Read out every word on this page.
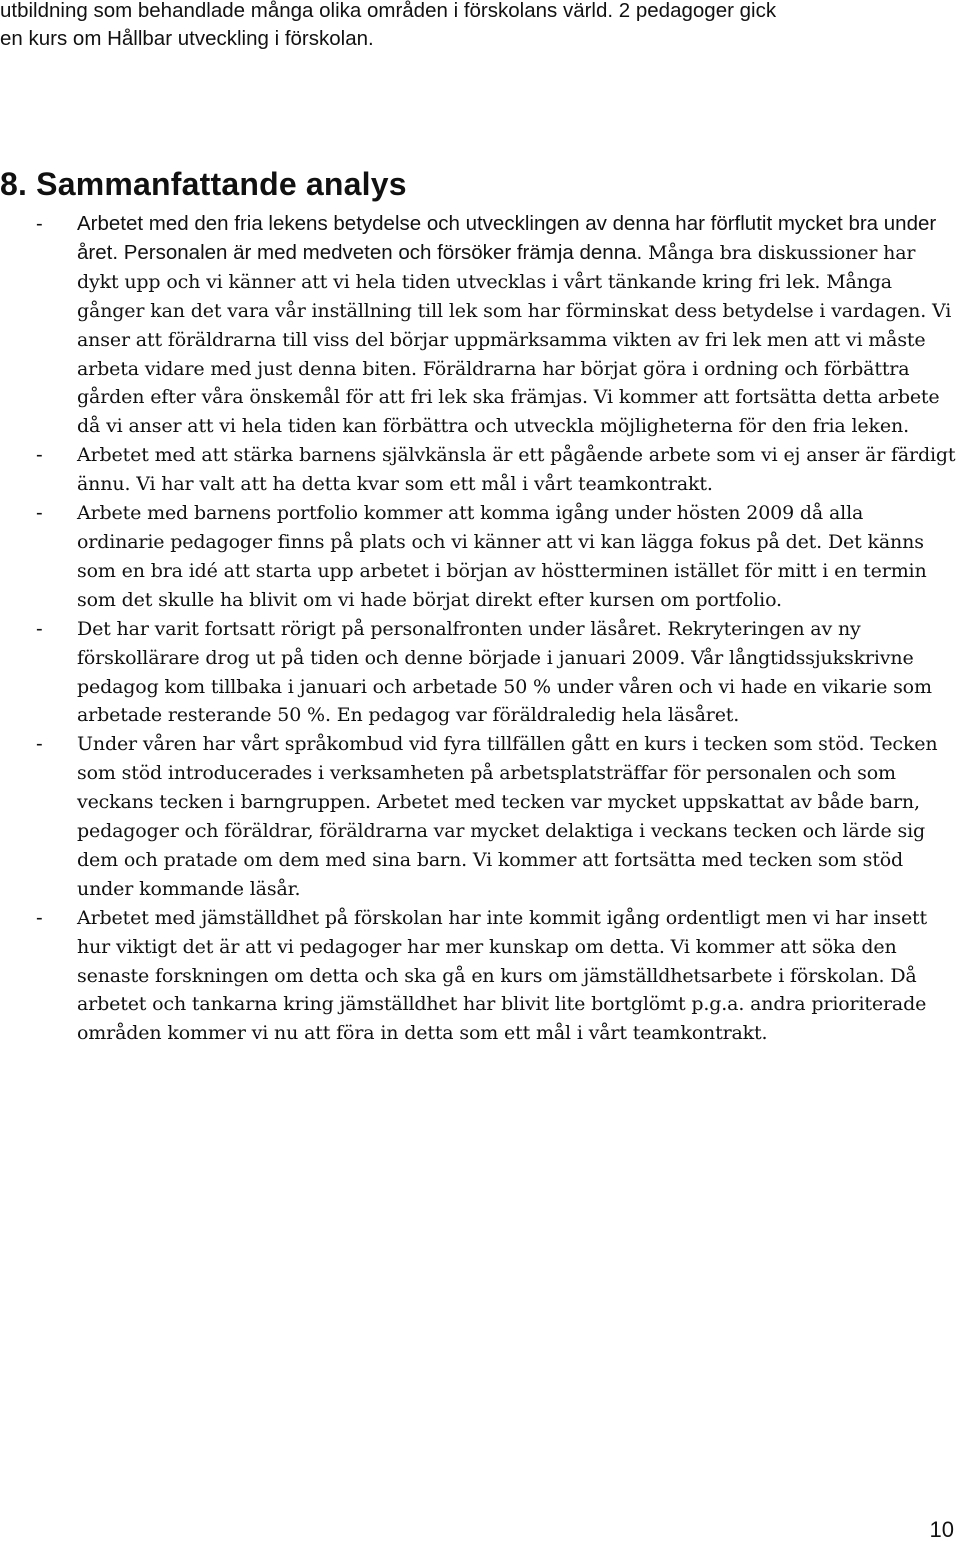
utbildning som behandlade många olika områden i förskolans värld. 2 pedagoger gick
en kurs om Hållbar utveckling i förskolan.

8. Sammanfattande analys
- Arbetet med den fria lekens betydelse och utvecklingen av denna har förflutit mycket bra under året. Personalen är med medveten och försöker främja denna. Många bra diskussioner har dykt upp och vi känner att vi hela tiden utvecklas i vårt tänkande kring fri lek. Många gånger kan det vara vår inställning till lek som har förminskat dess betydelse i vardagen. Vi anser att föräldrarna till viss del börjar uppmärksamma vikten av fri lek men att vi måste arbeta vidare med just denna biten. Föräldrarna har börjat göra i ordning och förbättra gården efter våra önskemål för att fri lek ska främjas. Vi kommer att fortsätta detta arbete då vi anser att vi hela tiden kan förbättra och utveckla möjligheterna för den fria leken.
- Arbetet med att stärka barnens självkänsla är ett pågående arbete som vi ej anser är färdigt ännu. Vi har valt att ha detta kvar som ett mål i vårt teamkontrakt.
- Arbete med barnens portfolio kommer att komma igång under hösten 2009 då alla ordinarie pedagoger finns på plats och vi känner att vi kan lägga fokus på det. Det känns som en bra idé att starta upp arbetet i början av höstterminen istället för mitt i en termin som det skulle ha blivit om vi hade börjat direkt efter kursen om portfolio.
- Det har varit fortsatt rörigt på personalfronten under läsåret. Rekryteringen av ny förskollärare drog ut på tiden och denne började i januari 2009. Vår långtidssjukskrivne pedagog kom tillbaka i januari och arbetade 50 % under våren och vi hade en vikarie som arbetade resterande 50 %. En pedagog var föräldraledig hela läsåret.
- Under våren har vårt språkombud vid fyra tillfällen gått en kurs i tecken som stöd. Tecken som stöd introducerades i verksamheten på arbetsplatsträffar för personalen och som veckans tecken i barngruppen. Arbetet med tecken var mycket uppskattat av både barn, pedagoger och föräldrar, föräldrarna var mycket delaktiga i veckans tecken och lärde sig dem och pratade om dem med sina barn. Vi kommer att fortsätta med tecken som stöd under kommande läsår.
- Arbetet med jämställdhet på förskolan har inte kommit igång ordentligt men vi har insett hur viktigt det är att vi pedagoger har mer kunskap om detta. Vi kommer att söka den senaste forskningen om detta och ska gå en kurs om jämställdhetsarbete i förskolan. Då arbetet och tankarna kring jämställdhet har blivit lite bortglömt p.g.a. andra prioriterade områden kommer vi nu att föra in detta som ett mål i vårt teamkontrakt.
10
